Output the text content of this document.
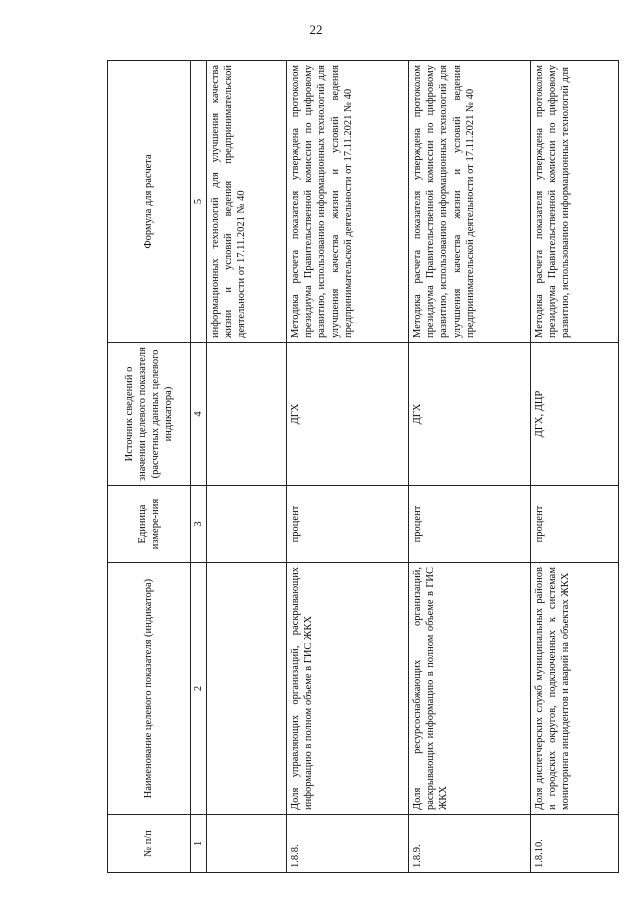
22
№ п/п	Наименование целевого показателя (индикатора)	Единица измере-ния	Источник сведений о значении целевого показателя (расчетных данных целевого индикатора)	Формула для расчета
1	2	3	4	5
				информационных технологий для улучшения качества жизни и условий ведения предпринимательской деятельности от 17.11.2021 № 40
1.8.8.	Доля управляющих организаций, раскрывающих информацию в полном объеме в ГИС ЖКХ	процент	ДГХ	Методика расчета показателя утверждена протоколом президиума Правительственной комиссии по цифровому развитию, использованию информационных технологий для улучшения качества жизни и условий ведения предпринимательской деятельности от 17.11.2021 № 40
1.8.9.	Доля ресурсоснабжающих организаций, раскрывающих информацию в полном объеме в ГИС ЖКХ	процент	ДГХ	Методика расчета показателя утверждена протоколом президиума Правительственной комиссии по цифровому развитию, использованию информационных технологий для улучшения качества жизни и условий ведения предпринимательской деятельности от 17.11.2021 № 40
1.8.10.	Доля диспетчерских служб муниципальных районов и городских округов, подключенных к системам мониторинга инцидентов и аварий на объектах ЖКХ	процент	ДГХ, ДЦР	Методика расчета показателя утверждена протоколом президиума Правительственной комиссии по цифровому развитию, использованию информационных технологий для
